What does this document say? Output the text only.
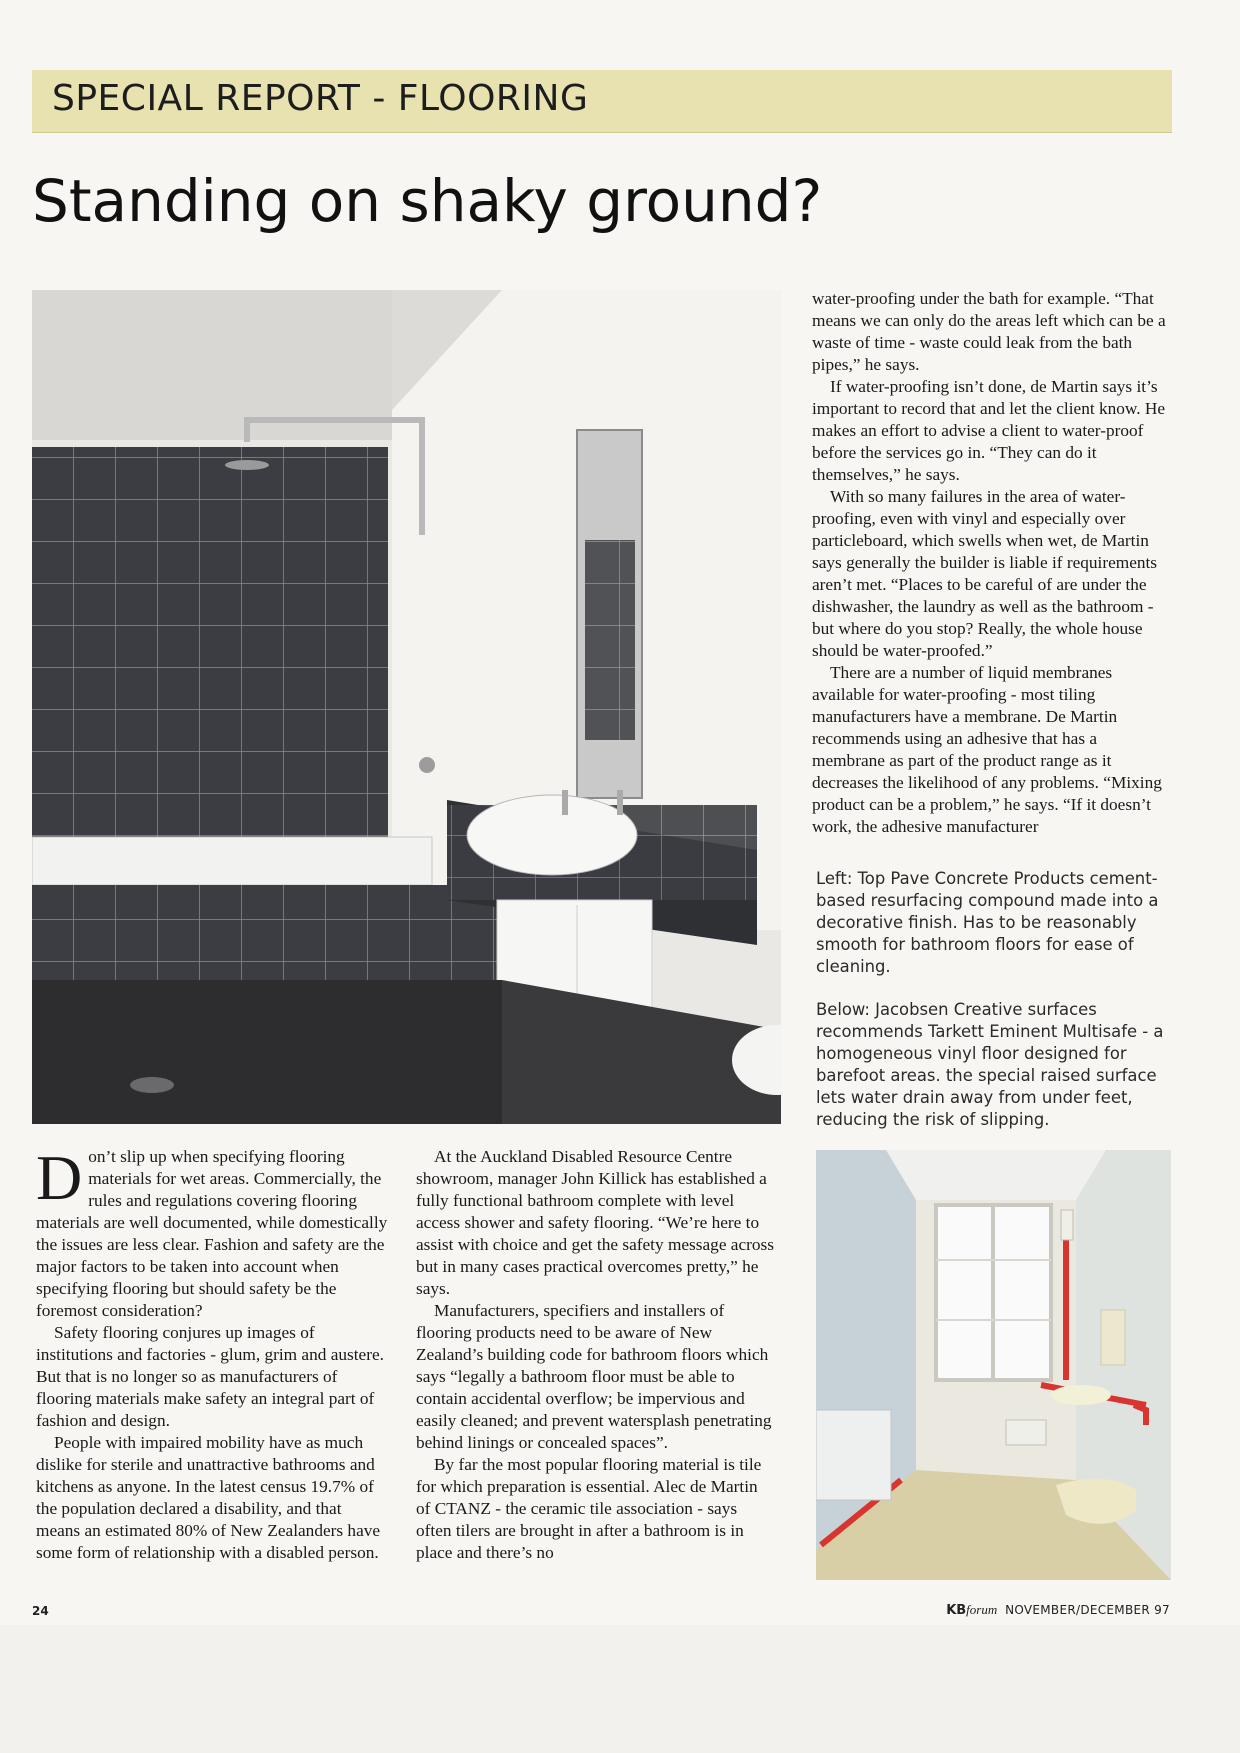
SPECIAL REPORT - FLOORING
Standing on shaky ground?

Don’t slip up when specifying flooring materials for wet areas. Commercially, the rules and regulations covering flooring materials are well documented, while domestically the issues are less clear. Fashion and safety are the major factors to be taken into account when specifying flooring but should safety be the foremost consideration?

Safety flooring conjures up images of institutions and factories - glum, grim and austere. But that is no longer so as manufacturers of flooring materials make safety an integral part of fashion and design.

People with impaired mobility have as much dislike for sterile and unattractive bathrooms and kitchens as anyone. In the latest census 19.7% of the population declared a disability, and that means an estimated 80% of New Zealanders have some form of relationship with a disabled person.

At the Auckland Disabled Resource Centre showroom, manager John Killick has established a fully functional bathroom complete with level access shower and safety flooring. “We’re here to assist with choice and get the safety message across but in many cases practical overcomes pretty,” he says.

Manufacturers, specifiers and installers of flooring products need to be aware of New Zealand’s building code for bathroom floors which says “legally a bathroom floor must be able to contain accidental overflow; be impervious and easily cleaned; and prevent watersplash penetrating behind linings or concealed spaces”.

By far the most popular flooring material is tile for which preparation is essential. Alec de Martin of CTANZ - the ceramic tile association - says often tilers are brought in after a bathroom is in place and there’s no

water-proofing under the bath for example. “That means we can only do the areas left which can be a waste of time - waste could leak from the bath pipes,” he says.

If water-proofing isn’t done, de Martin says it’s important to record that and let the client know. He makes an effort to advise a client to water-proof before the services go in. “They can do it themselves,” he says.

With so many failures in the area of water-proofing, even with vinyl and especially over particleboard, which swells when wet, de Martin says generally the builder is liable if requirements aren’t met. “Places to be careful of are under the dishwasher, the laundry as well as the bathroom - but where do you stop? Really, the whole house should be water-proofed.”

There are a number of liquid membranes available for water-proofing - most tiling manufacturers have a membrane. De Martin recommends using an adhesive that has a membrane as part of the product range as it decreases the likelihood of any problems. “Mixing product can be a problem,” he says. “If it doesn’t work, the adhesive manufacturer

Left: Top Pave Concrete Products cement-based resurfacing compound made into a decorative finish. Has to be reasonably smooth for bathroom floors for ease of cleaning.
Below: Jacobsen Creative surfaces recommends Tarkett Eminent Multisafe - a homogeneous vinyl floor designed for barefoot areas. the special raised surface lets water drain away from under feet, reducing the risk of slipping.
24	KBforum NOVEMBER/DECEMBER 97
